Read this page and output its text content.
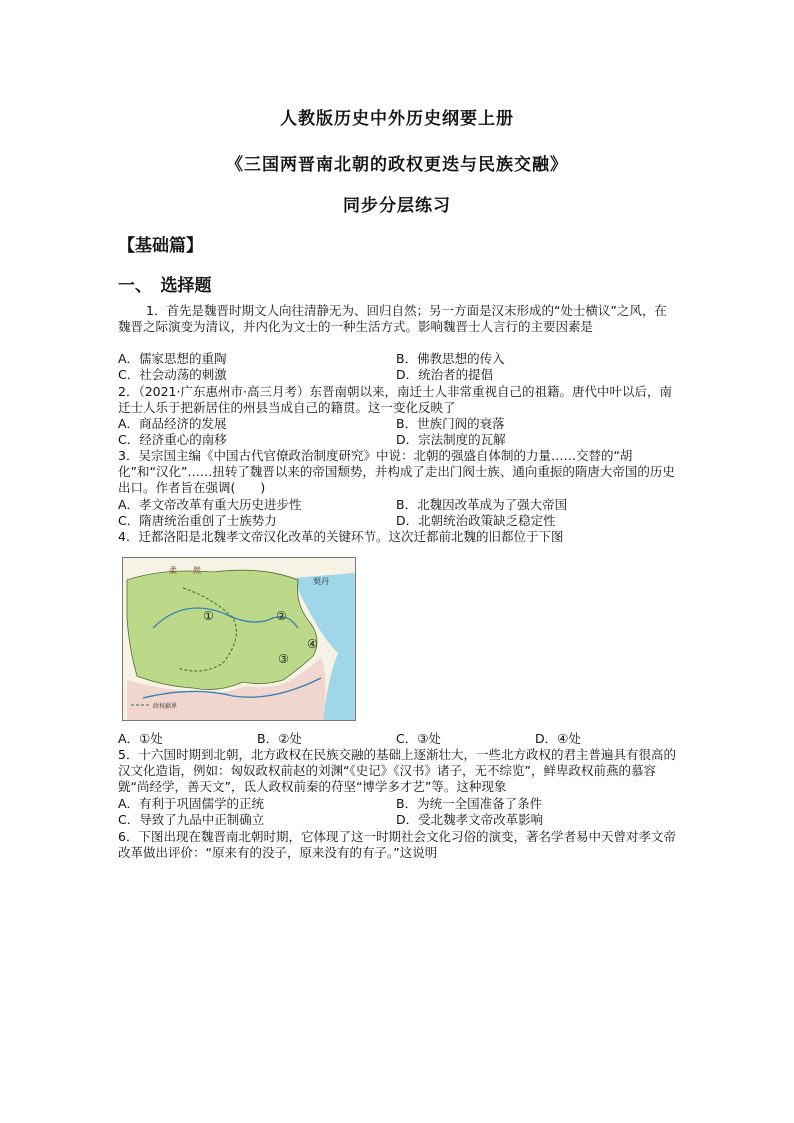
人教版历史中外历史纲要上册
《三国两晋南北朝的政权更迭与民族交融》
同步分层练习
【基础篇】
一、　选择题
1．首先是魏晋时期文人向往清静无为、回归自然；另一方面是汉末形成的“处士横议”之风，在魏晋之际演变为清议，并内化为文士的一种生活方式。影响魏晋士人言行的主要因素是
A．儒家思想的重陶	B．佛教思想的传入
C．社会动荡的刺激	D．统治者的提倡
2．（2021·广东惠州市·高三月考）东晋南朝以来，南迁士人非常重视自己的祖籍。唐代中叶以后，南迁士人乐于把新居住的州县当成自己的籍贯。这一变化反映了
A．商品经济的发展	B．世族门阀的衰落
C．经济重心的南移	D．宗法制度的瓦解
3．吴宗国主编《中国古代官僚政治制度研究》中说：北朝的强盛自体制的力量……交替的“胡化”和“汉化”……扭转了魏晋以来的帝国颓势，并构成了走出门阀士族、通向重振的隋唐大帝国的历史出口。作者旨在强调(　　)
A．孝文帝改革有重大历史进步性	B．北魏因改革成为了强大帝国
C．隋唐统治重创了士族势力	D．北朝统治政策缺乏稳定性
4．迁都洛阳是北魏孝文帝汉化改革的关键环节。这次迁都前北魏的旧都位于下图
柔　　然
契丹
①	②
④
③
政权疆界
A．①处	B．②处	C．③处	D．④处
5．十六国时期到北朝，北方政权在民族交融的基础上逐渐壮大，一些北方政权的君主普遍具有很高的汉文化造诣，例如：匈奴政权前赵的刘渊“《史记》《汉书》诸子，无不综览”，鲜卑政权前燕的慕容皝“尚经学，善天文”，氐人政权前秦的苻坚“博学多才艺”等。这种现象
A．有利于巩固儒学的正统	B．为统一全国准备了条件
C．导致了九品中正制确立	D．受北魏孝文帝改革影响
6．下图出现在魏晋南北朝时期，它体现了这一时期社会文化习俗的演变，著名学者易中天曾对孝文帝改革做出评价：“原来有的没子，原来没有的有子。”这说明
